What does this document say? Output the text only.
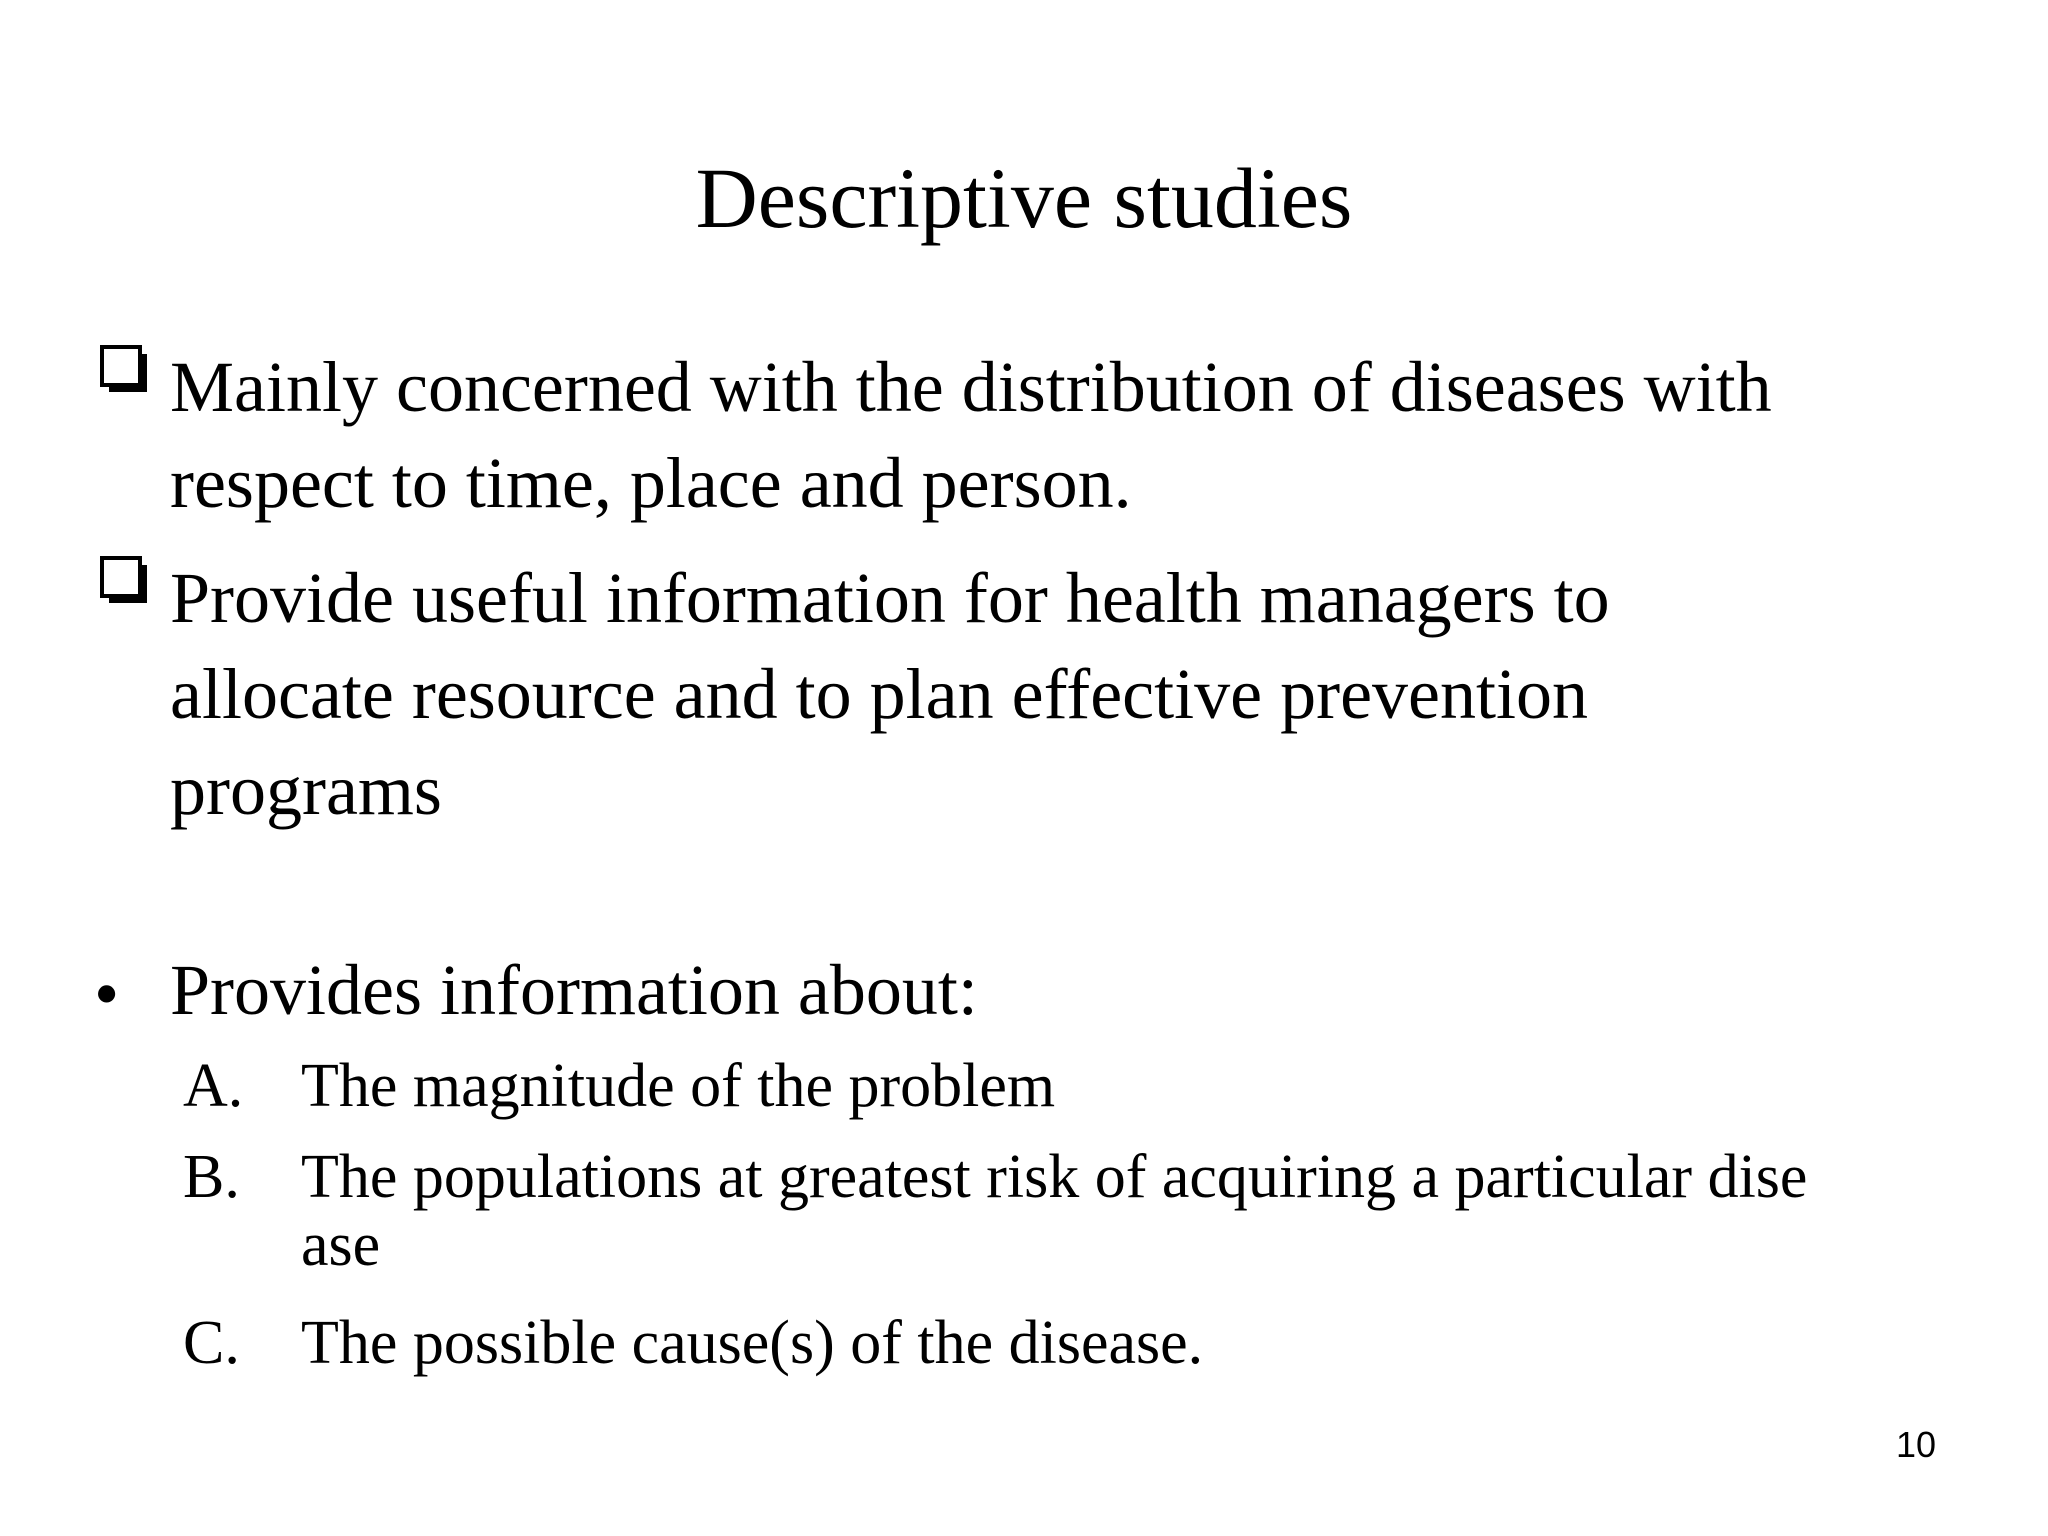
Descriptive studies
Mainly concerned with the distribution of diseases with
respect to time, place and person.
Provide useful information for health managers to
allocate resource and to plan effective prevention
programs
• Provides information about:
A. The magnitude of the problem
B. The populations at greatest risk of acquiring a particular dise
ase
C. The possible cause(s) of the disease.
10
